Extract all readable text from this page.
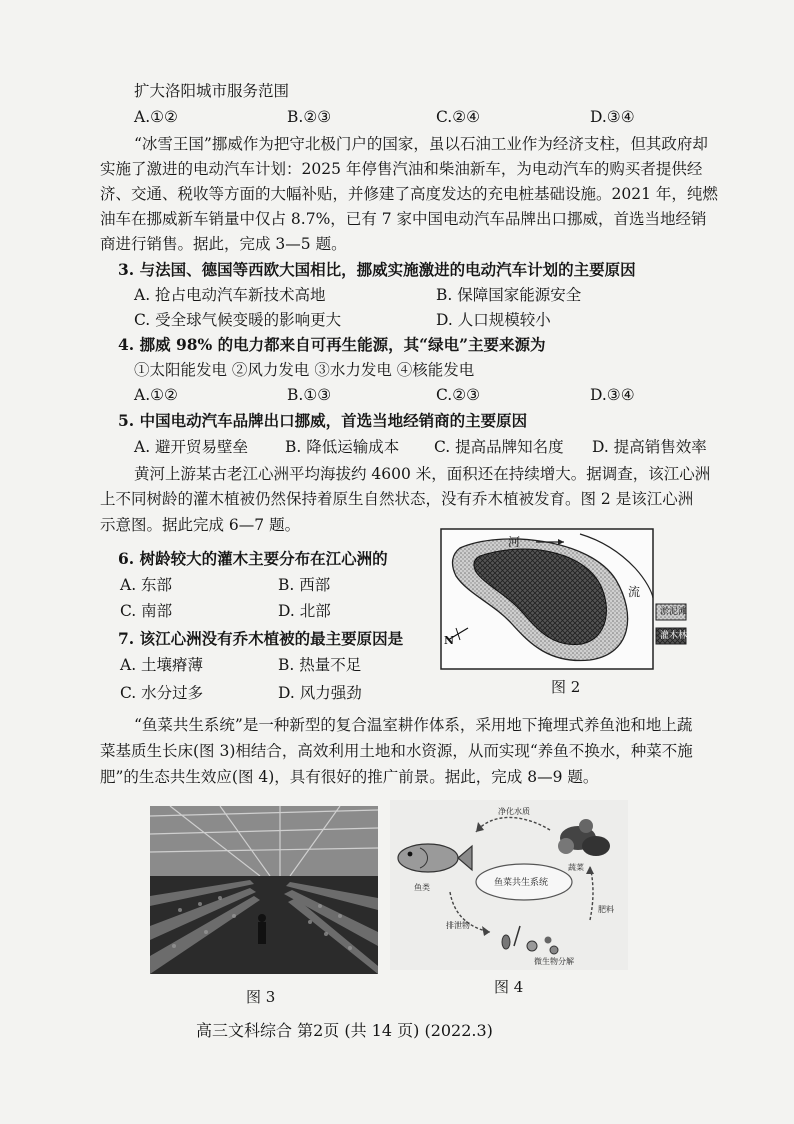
扩大洛阳城市服务范围
A.①②	B.②③	C.②④	D.③④
“冰雪王国”挪威作为把守北极门户的国家，虽以石油工业作为经济支柱，但其政府却
实施了激进的电动汽车计划：2025 年停售汽油和柴油新车，为电动汽车的购买者提供经
济、交通、税收等方面的大幅补贴，并修建了高度发达的充电桩基础设施。2021 年，纯燃
油车在挪威新车销量中仅占 8.7%，已有 7 家中国电动汽车品牌出口挪威，首选当地经销
商进行销售。据此，完成 3—5 题。
3. 与法国、德国等西欧大国相比，挪威实施激进的电动汽车计划的主要原因
A. 抢占电动汽车新技术高地	B. 保障国家能源安全
C. 受全球气候变暖的影响更大	D. 人口规模较小
4. 挪威 98% 的电力都来自可再生能源，其“绿电”主要来源为
①太阳能发电 ②风力发电 ③水力发电 ④核能发电
A.①②	B.①③	C.②③	D.③④
5. 中国电动汽车品牌出口挪威，首选当地经销商的主要原因
A. 避开贸易壁垒 B. 降低运输成本 C. 提高品牌知名度 D. 提高销售效率
黄河上游某古老江心洲平均海拔约 4600 米，面积还在持续增大。据调查，该江心洲
上不同树龄的灌木植被仍然保持着原生自然状态，没有乔木植被发育。图 2 是该江心洲
示意图。据此完成 6—7 题。
6. 树龄较大的灌木主要分布在江心洲的
A. 东部	B. 西部
C. 南部	D. 北部
7. 该江心洲没有乔木植被的最主要原因是
A. 土壤瘠薄	B. 热量不足
C. 水分过多	D. 风力强劲
河
流
N
淤泥滩
灌木林
图 2
“鱼菜共生系统”是一种新型的复合温室耕作体系，采用地下掩埋式养鱼池和地上蔬
菜基质生长床(图 3)相结合，高效利用土地和水资源，从而实现“养鱼不换水，种菜不施
肥”的生态共生效应(图 4)，具有很好的推广前景。据此，完成 8—9 题。
图 3
净化水质
蔬菜
鱼类
排泄物
肥料
微生物分解
鱼菜共生系统
图 4
高三文科综合 第2页 (共 14 页) (2022.3)
